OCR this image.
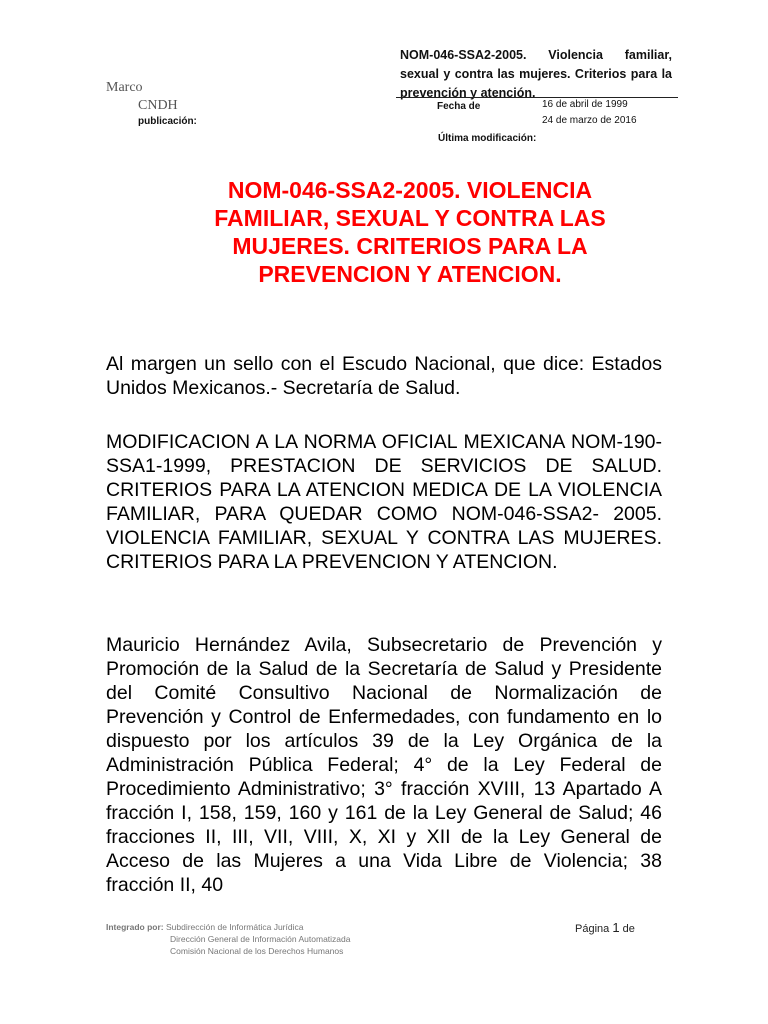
Marco
CNDH
publicación:
NOM-046-SSA2-2005. Violencia familiar, sexual y contra las mujeres. Criterios para la prevención y atención.
Fecha de	16 de abril de 1999
24 de marzo de 2016
Última modificación:
NOM-046-SSA2-2005. VIOLENCIA FAMILIAR, SEXUAL Y CONTRA LAS MUJERES. CRITERIOS PARA LA PREVENCION Y ATENCION.

Al margen un sello con el Escudo Nacional, que dice: Estados Unidos Mexicanos.- Secretaría de Salud.

MODIFICACION A LA NORMA OFICIAL MEXICANA NOM-190-SSA1-1999, PRESTACION DE SERVICIOS DE SALUD. CRITERIOS PARA LA ATENCION MEDICA DE LA VIOLENCIA FAMILIAR, PARA QUEDAR COMO NOM-046-SSA2- 2005. VIOLENCIA FAMILIAR, SEXUAL Y CONTRA LAS MUJERES. CRITERIOS PARA LA PREVENCION Y ATENCION.

Mauricio Hernández Avila, Subsecretario de Prevención y Promoción de la Salud de la Secretaría de Salud y Presidente del Comité Consultivo Nacional de Normalización de Prevención y Control de Enfermedades, con fundamento en lo dispuesto por los artículos 39 de la Ley Orgánica de la Administración Pública Federal; 4° de la Ley Federal de Procedimiento Administrativo; 3° fracción XVIII, 13 Apartado A fracción I, 158, 159, 160 y 161 de la Ley General de Salud; 46 fracciones II, III, VII, VIII, X, XI y XII de la Ley General de Acceso de las Mujeres a una Vida Libre de Violencia; 38 fracción II, 40

Integrado por: Subdirección de Informática Jurídica
Dirección General de Información Automatizada
Comisión Nacional de los Derechos Humanos
Página 1 de
